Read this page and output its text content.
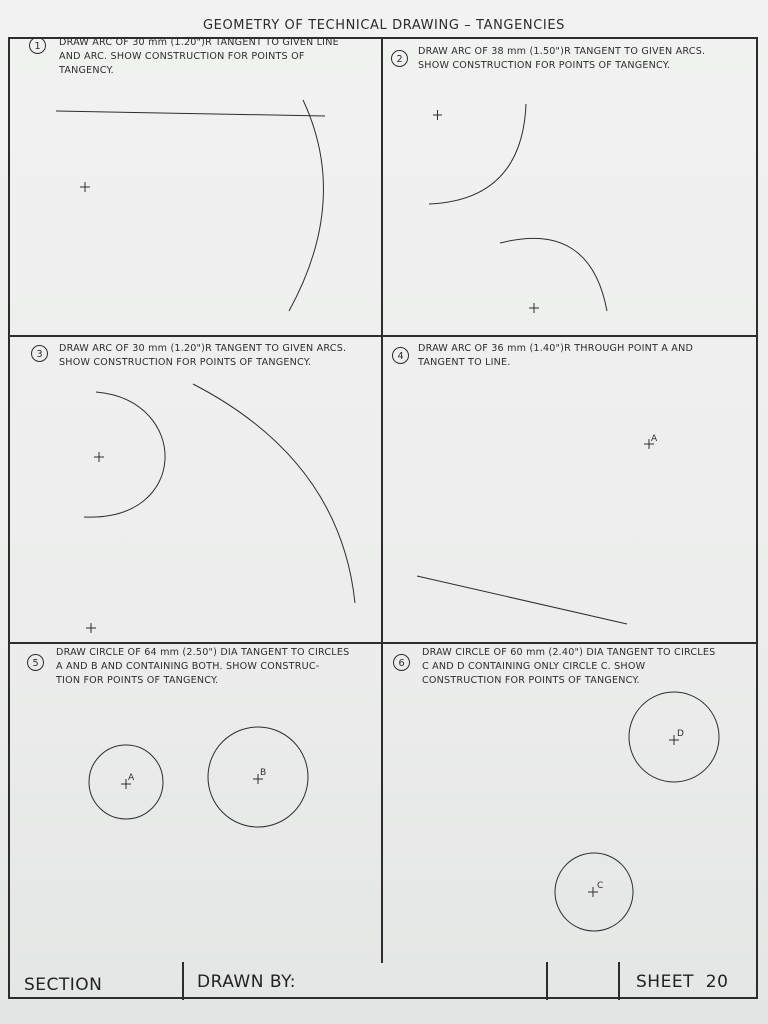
GEOMETRY OF TECHNICAL DRAWING – TANGENCIES
1	DRAW ARC OF 30 mm (1.20")R TANGENT TO GIVEN LINE
AND ARC. SHOW CONSTRUCTION FOR POINTS OF
TANGENCY.
2
DRAW ARC OF 38 mm (1.50")R TANGENT TO GIVEN ARCS.
SHOW CONSTRUCTION FOR POINTS OF TANGENCY.
3
DRAW ARC OF 30 mm (1.20")R TANGENT TO GIVEN ARCS.
SHOW CONSTRUCTION FOR POINTS OF TANGENCY.
4
DRAW ARC OF 36 mm (1.40")R THROUGH POINT A AND
TANGENT TO LINE.
5
DRAW CIRCLE OF 64 mm (2.50") DIA TANGENT TO CIRCLES
A AND B AND CONTAINING BOTH. SHOW CONSTRUC-
TION FOR POINTS OF TANGENCY.
6
DRAW CIRCLE OF 60 mm (2.40") DIA TANGENT TO CIRCLES
C AND D CONTAINING ONLY CIRCLE C. SHOW
CONSTRUCTION FOR POINTS OF TANGENCY.
A
A	B
D
C
SECTION	DRAWN BY:	SHEET  20
